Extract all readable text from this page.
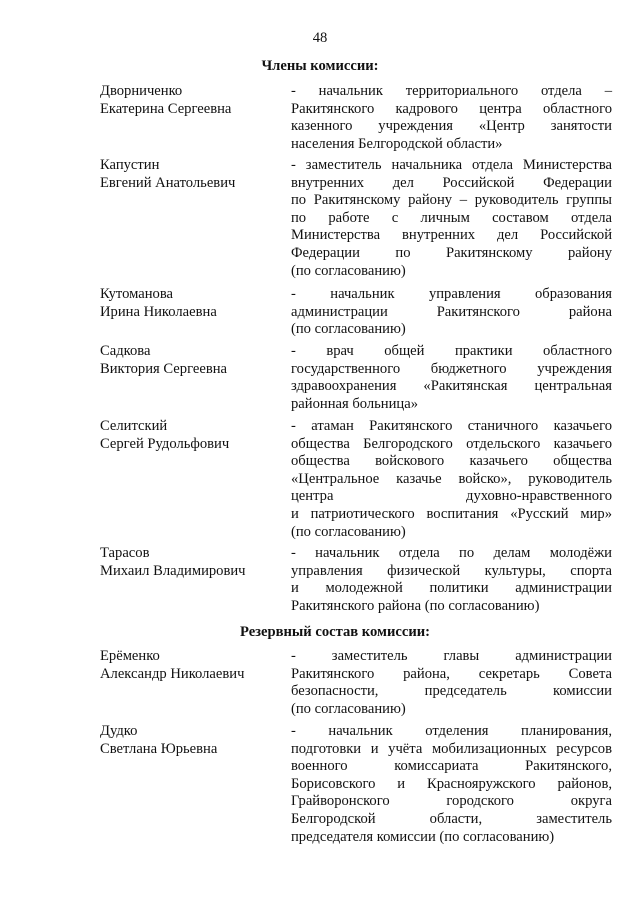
48
Члены комиссии:
Резервный состав комиссии:
Дворниченко
Екатерина Сергеевна
- начальник территориального отдела –
Ракитянского кадрового центра областного
казенного учреждения «Центр занятости
населения Белгородской области»
Капустин
Евгений Анатольевич
- заместитель начальника отдела Министерства
внутренних дел Российской Федерации
по Ракитянскому району – руководитель группы
по работе с личным составом отдела
Министерства внутренних дел Российской
Федерации по Ракитянскому району
(по согласованию)
Кутоманова
Ирина Николаевна
- начальник управления образования
администрации Ракитянского района
(по согласованию)
Садкова
Виктория Сергеевна
- врач общей практики областного
государственного бюджетного учреждения
здравоохранения «Ракитянская центральная
районная больница»
Селитский
Сергей Рудольфович
- атаман Ракитянского станичного казачьего
общества Белгородского отдельского казачьего
общества войскового казачьего общества
«Центральное казачье войско», руководитель
центра духовно-нравственного
и патриотического воспитания «Русский мир»
(по согласованию)
Тарасов
Михаил Владимирович
- начальник отдела по делам молодёжи
управления физической культуры, спорта
и молодежной политики администрации
Ракитянского района (по согласованию)
Ерёменко
Александр Николаевич
- заместитель главы администрации
Ракитянского района, секретарь Совета
безопасности, председатель комиссии
(по согласованию)
Дудко
Светлана Юрьевна
- начальник отделения планирования,
подготовки и учёта мобилизационных ресурсов
военного комиссариата Ракитянского,
Борисовского и Краснояружского районов,
Грайворонского городского округа
Белгородской области, заместитель
председателя комиссии (по согласованию)
